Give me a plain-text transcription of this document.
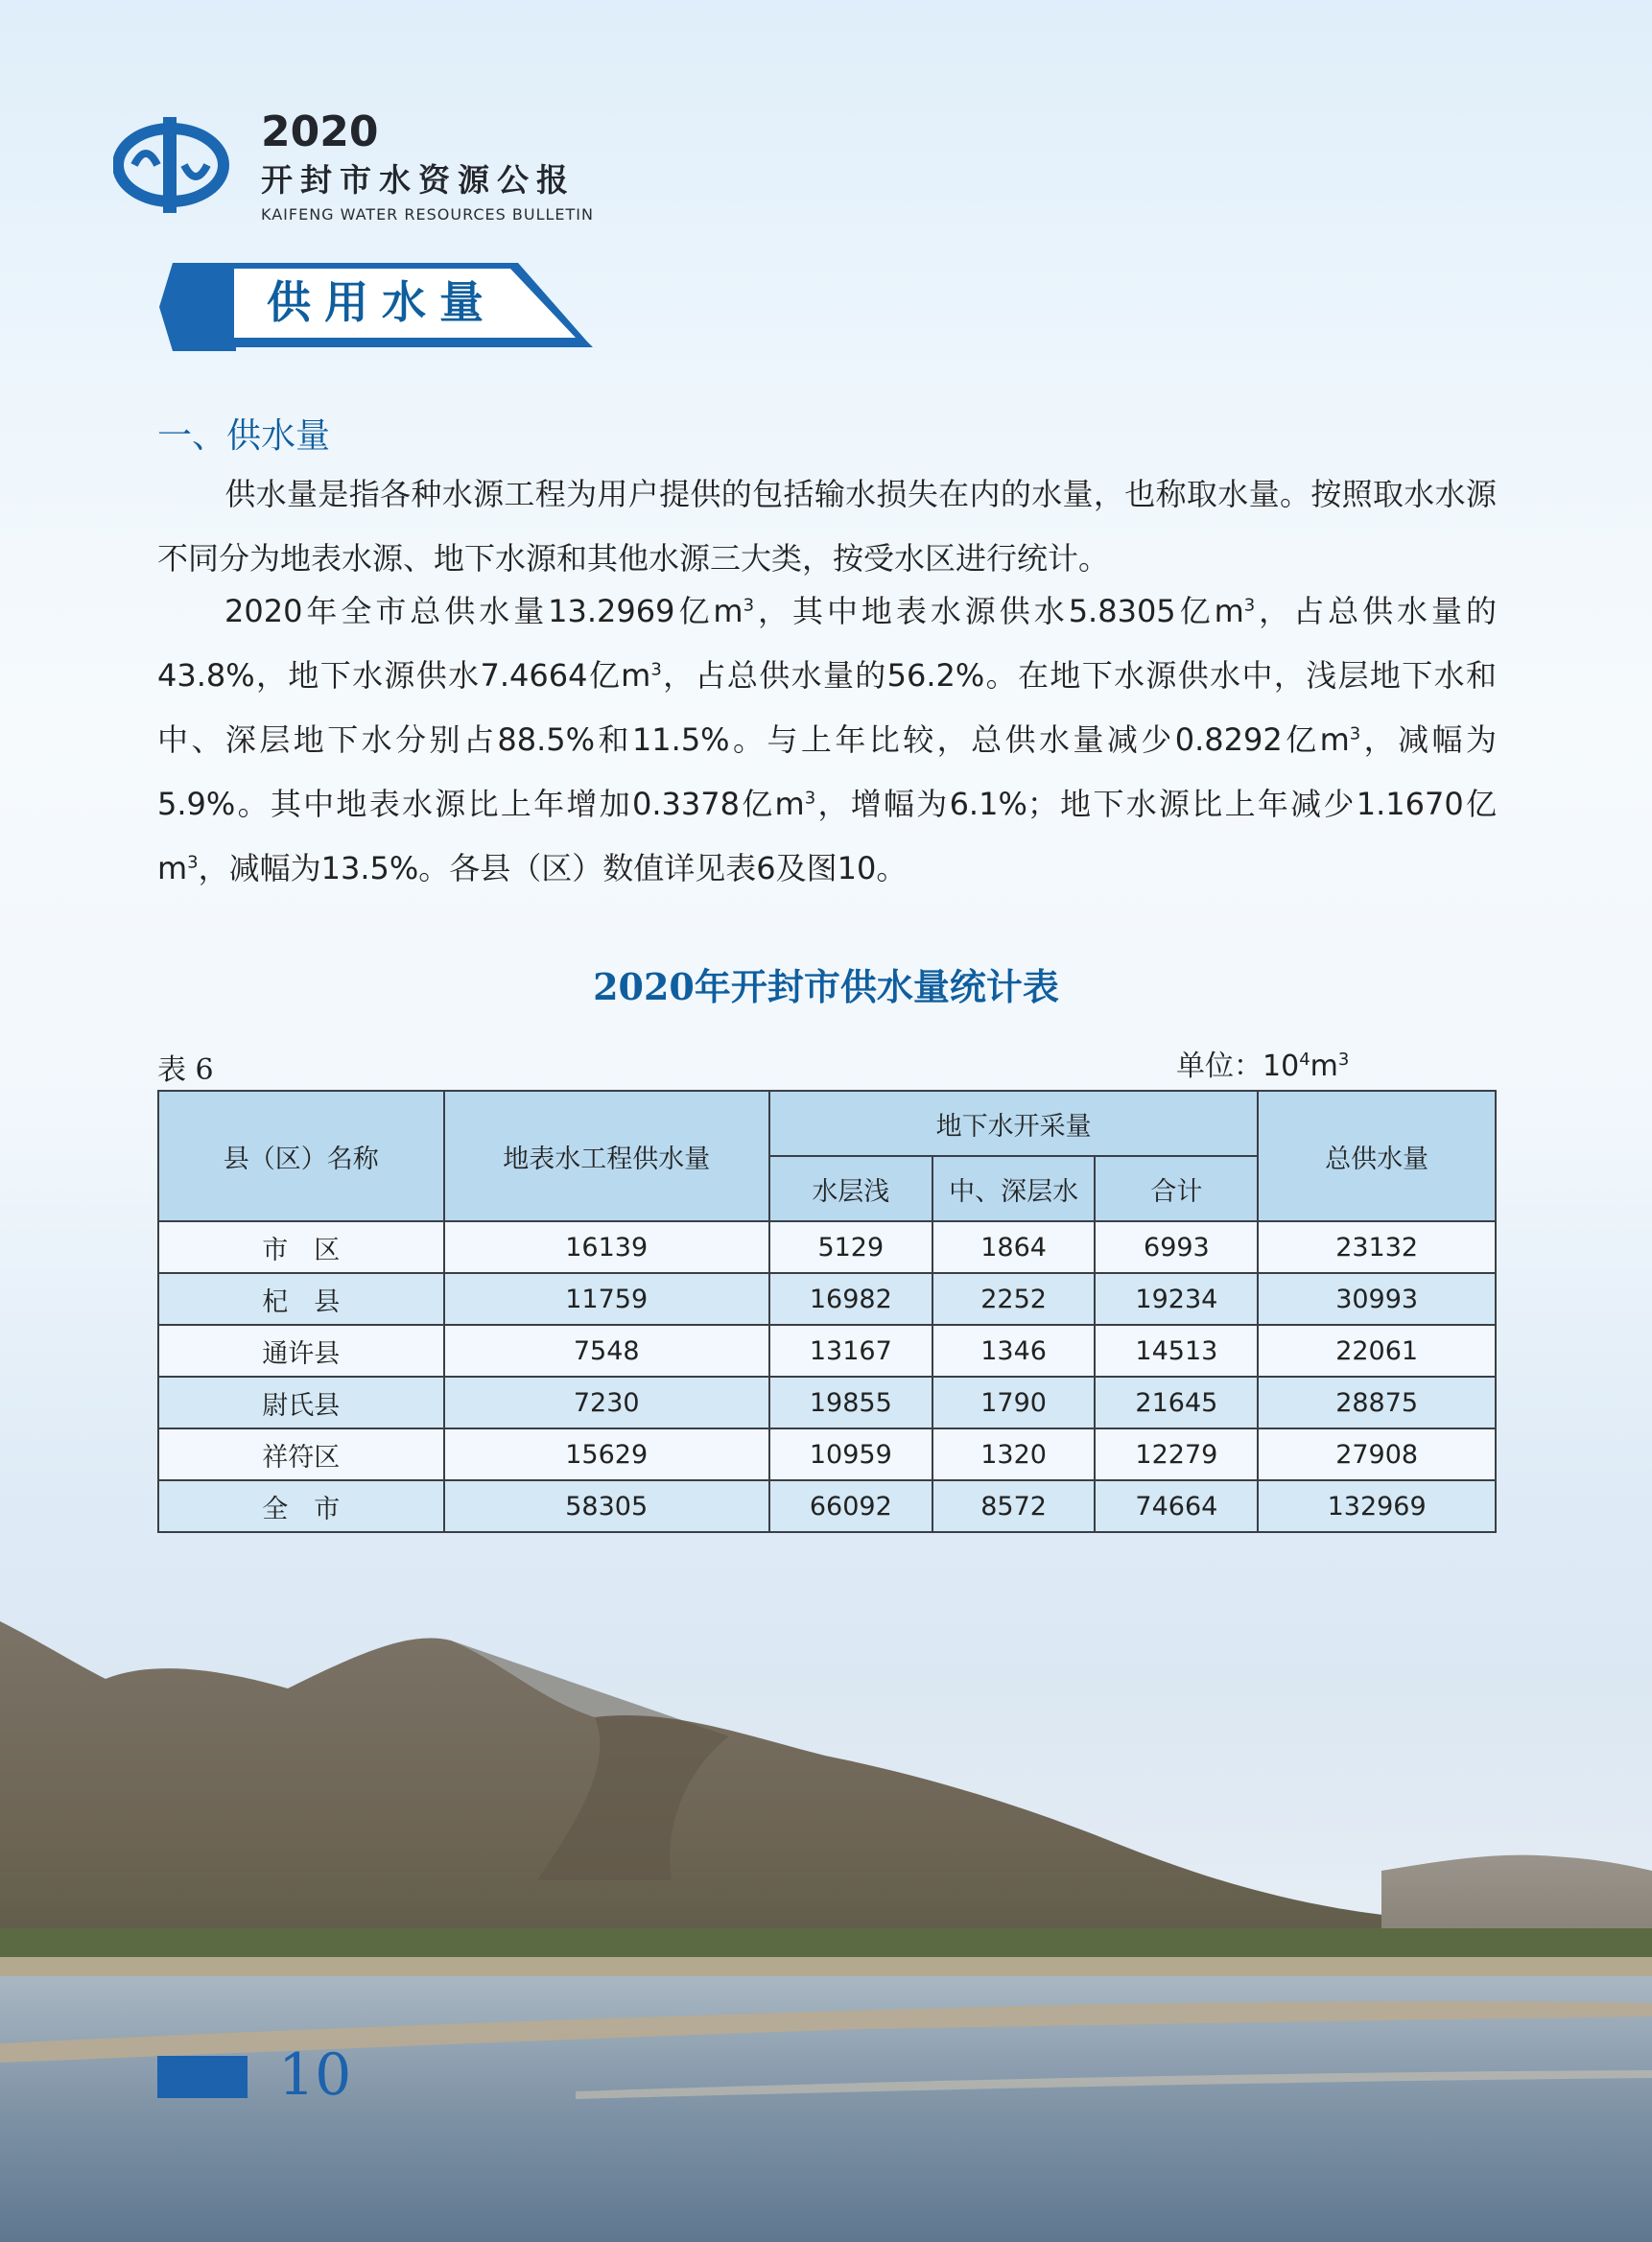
2020
开封市水资源公报
KAIFENG WATER RESOURCES BULLETIN
供用水量
一、供水量
供水量是指各种水源工程为用户提供的包括输水损失在内的水量，也称取水量。按照取水水源不同分为地表水源、地下水源和其他水源三大类，按受水区进行统计。
2020年全市总供水量13.2969亿$m^3$，其中地表水源供水5.8305亿$m^3$，占总供水量的43.8%，地下水源供水7.4664亿$m^3$，占总供水量的56.2%。在地下水源供水中，浅层地下水和中、深层地下水分别占88.5%和11.5%。与上年比较，总供水量减少0.8292亿$m^3$，减幅为5.9%。其中地表水源比上年增加0.3378亿$m^3$，增幅为6.1%；地下水源比上年减少1.1670亿$m^3$，减幅为13.5%。各县（区）数值详见表6及图10。
2020年开封市供水量统计表
表 6	单位：$10^4m^3$
县（区）名称	地表水工程供水量	地下水开采量			总供水量
		水层浅	中、深层水	合计	
市　区	16139	5129	1864	6993	23132
杞　县	11759	16982	2252	19234	30993
通许县	7548	13167	1346	14513	22061
尉氏县	7230	19855	1790	21645	28875
祥符区	15629	10959	1320	12279	27908
全　市	58305	66092	8572	74664	132969
10
